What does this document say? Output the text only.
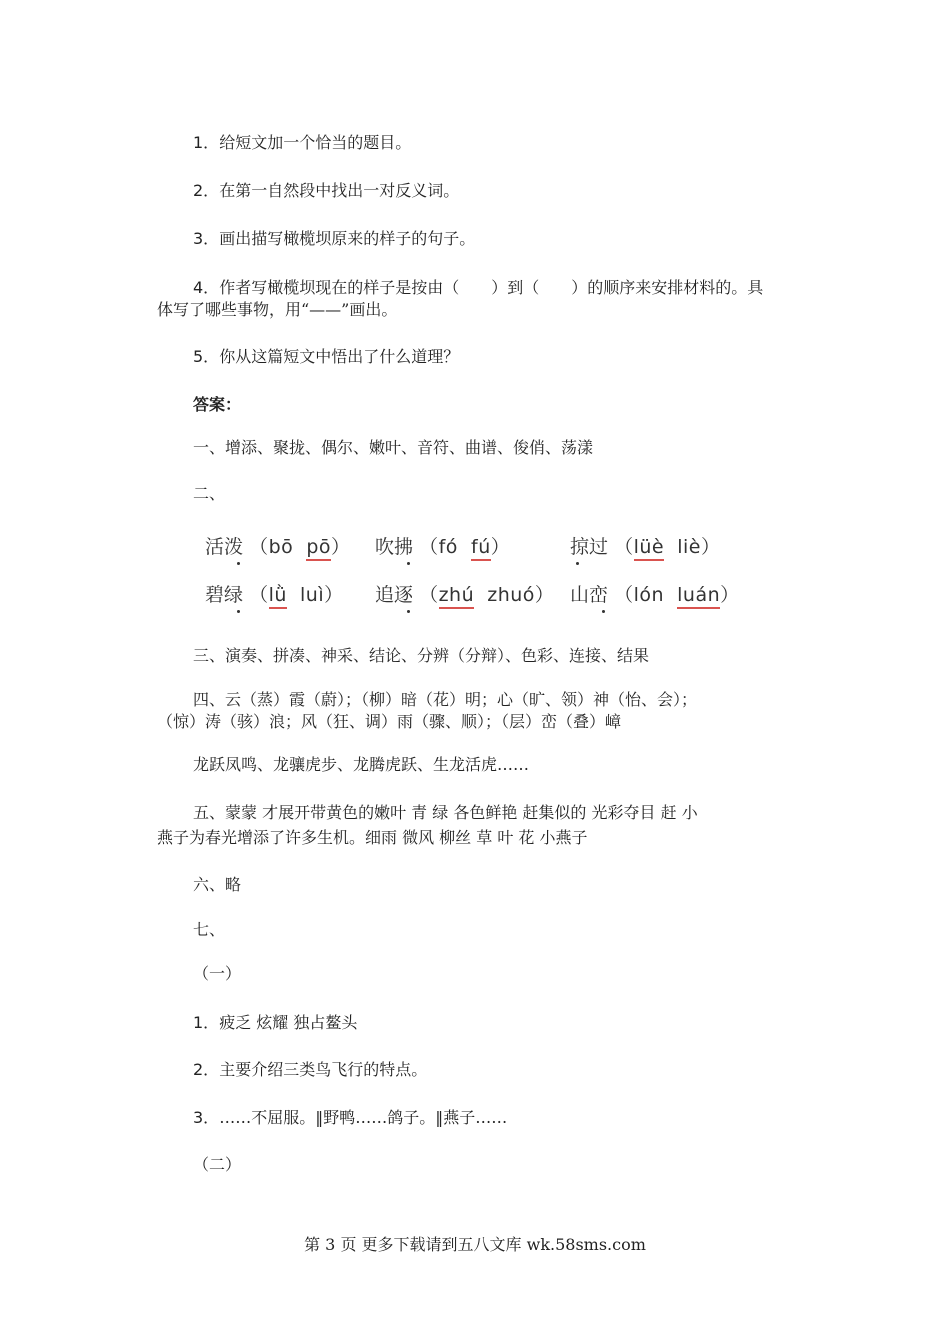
1．给短文加一个恰当的题目。
2．在第一自然段中找出一对反义词。
3．画出描写橄榄坝原来的样子的句子。
4．作者写橄榄坝现在的样子是按由（　　）到（　　）的顺序来安排材料的。具
体写了哪些事物，用“——”画出。
5．你从这篇短文中悟出了什么道理？
答案：
一、增添、聚拢、偶尔、嫩叶、音符、曲谱、俊俏、荡漾
二、
活泼 （bō pō） 吹拂 （fó fú）	掠过 （lüè liè）
碧绿 （lǜ luì） 追逐 （zhú zhuó） 山峦 （lón luán）
三、演奏、拼凑、神采、结论、分辨（分辩）、色彩、连接、结果
四、云（蒸）霞（蔚）；（柳）暗（花）明；心（旷、领）神（怡、会）；
（惊）涛（骇）浪；风（狂、调）雨（骤、顺）；（层）峦（叠）嶂
龙跃凤鸣、龙骧虎步、龙腾虎跃、生龙活虎……
五、蒙蒙 才展开带黄色的嫩叶 青 绿 各色鲜艳 赶集似的 光彩夺目 赶 小
燕子为春光增添了许多生机。细雨 微风 柳丝 草 叶 花 小燕子
六、略
七、
（一）
1．疲乏 炫耀 独占鳌头
2．主要介绍三类鸟飞行的特点。
3．……不屈服。‖野鸭……鸽子。‖燕子……
（二）
第 3 页 更多下载请到五八文库 wk.58sms.com
